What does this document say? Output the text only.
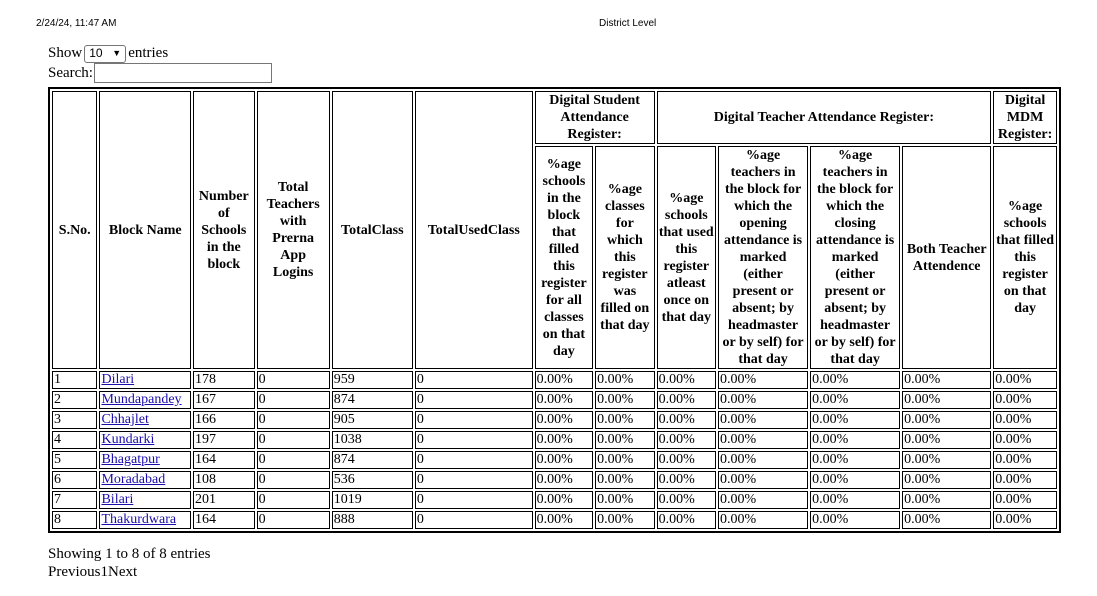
2/24/24, 11:47 AM	District Level
Show 10 ▼ entries
Search:
S.No.	Block Name	Number of Schools in the block	Total Teachers with Prerna App Logins	TotalClass	TotalUsedClass	Digital Student Attendance Register:		Digital Teacher Attendance Register:				Digital MDM Register:
						%age schools in the block that filled this register for all classes on that day	%age classes for which this register was filled on that day	%age schools that used this register atleast once on that day	%age teachers in the block for which the opening attendance is marked (either present or absent; by headmaster or by self) for that day	%age teachers in the block for which the closing attendance is marked (either present or absent; by headmaster or by self) for that day	Both Teacher Attendence	%age schools that filled this register on that day
1	Dilari	178	0	959	0	0.00%	0.00%	0.00%	0.00%	0.00%	0.00%	0.00%
2	Mundapandey	167	0	874	0	0.00%	0.00%	0.00%	0.00%	0.00%	0.00%	0.00%
3	Chhajlet	166	0	905	0	0.00%	0.00%	0.00%	0.00%	0.00%	0.00%	0.00%
4	Kundarki	197	0	1038	0	0.00%	0.00%	0.00%	0.00%	0.00%	0.00%	0.00%
5	Bhagatpur	164	0	874	0	0.00%	0.00%	0.00%	0.00%	0.00%	0.00%	0.00%
6	Moradabad	108	0	536	0	0.00%	0.00%	0.00%	0.00%	0.00%	0.00%	0.00%
7	Bilari	201	0	1019	0	0.00%	0.00%	0.00%	0.00%	0.00%	0.00%	0.00%
8	Thakurdwara	164	0	888	0	0.00%	0.00%	0.00%	0.00%	0.00%	0.00%	0.00%
Showing 1 to 8 of 8 entries
Previous1Next
